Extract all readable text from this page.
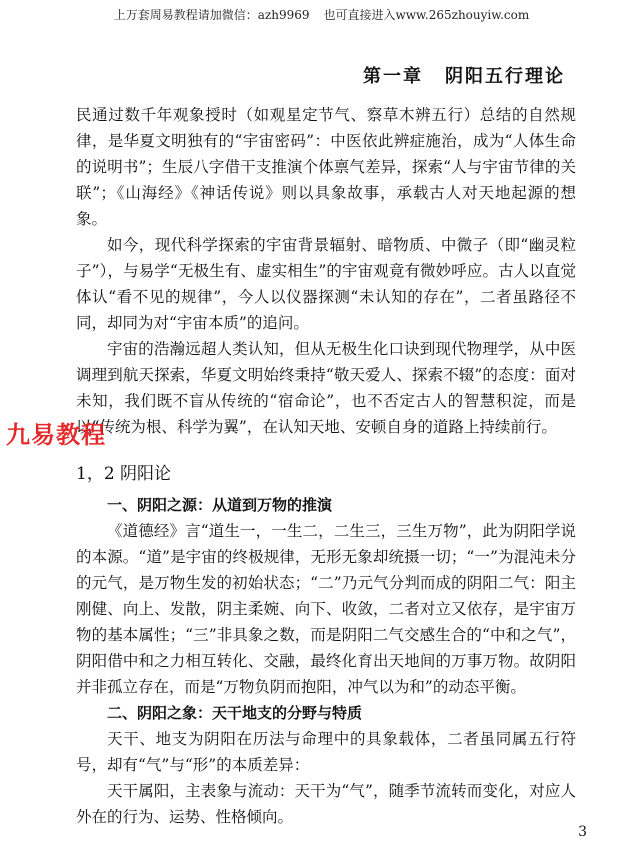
上万套周易教程请加微信：azh9969 也可直接进入www.265zhouyiw.com
第一章 阴阳五行理论

民通过数千年观象授时（如观星定节气、察草木辨五行）总结的自然规律，是华夏文明独有的“宇宙密码”：中医依此辨症施治，成为“人体生命的说明书”；生辰八字借干支推演个体禀气差异，探索“人与宇宙节律的关联”；《山海经》《神话传说》则以具象故事，承载古人对天地起源的想象。

如今，现代科学探索的宇宙背景辐射、暗物质、中微子（即“幽灵粒子”），与易学“无极生有、虚实相生”的宇宙观竟有微妙呼应。古人以直觉体认“看不见的规律”，今人以仪器探测“未认知的存在”，二者虽路径不同，却同为对“宇宙本质”的追问。

宇宙的浩瀚远超人类认知，但从无极生化口诀到现代物理学，从中医调理到航天探索，华夏文明始终秉持“敬天爱人、探索不辍”的态度：面对未知，我们既不盲从传统的“宿命论”，也不否定古人的智慧积淀，而是以“传统为根、科学为翼”，在认知天地、安顿自身的道路上持续前行。

1，2 阴阳论

一、阴阳之源：从道到万物的推演

《道德经》言“道生一，一生二，二生三，三生万物”，此为阴阳学说的本源。“道”是宇宙的终极规律，无形无象却统摄一切；“一”为混沌未分的元气，是万物生发的初始状态；“二”乃元气分判而成的阴阳二气：阳主刚健、向上、发散，阴主柔婉、向下、收敛，二者对立又依存，是宇宙万物的基本属性；“三”非具象之数，而是阴阳二气交感生合的“中和之气”，阴阳借中和之力相互转化、交融，最终化育出天地间的万事万物。故阴阳并非孤立存在，而是“万物负阴而抱阳，冲气以为和”的动态平衡。

二、阴阳之象：天干地支的分野与特质

天干、地支为阴阳在历法与命理中的具象载体，二者虽同属五行符号，却有“气”与“形”的本质差异：

天干属阳，主表象与流动：天干为“气”，随季节流转而变化，对应人外在的行为、运势、性格倾向。

九易教程
3
